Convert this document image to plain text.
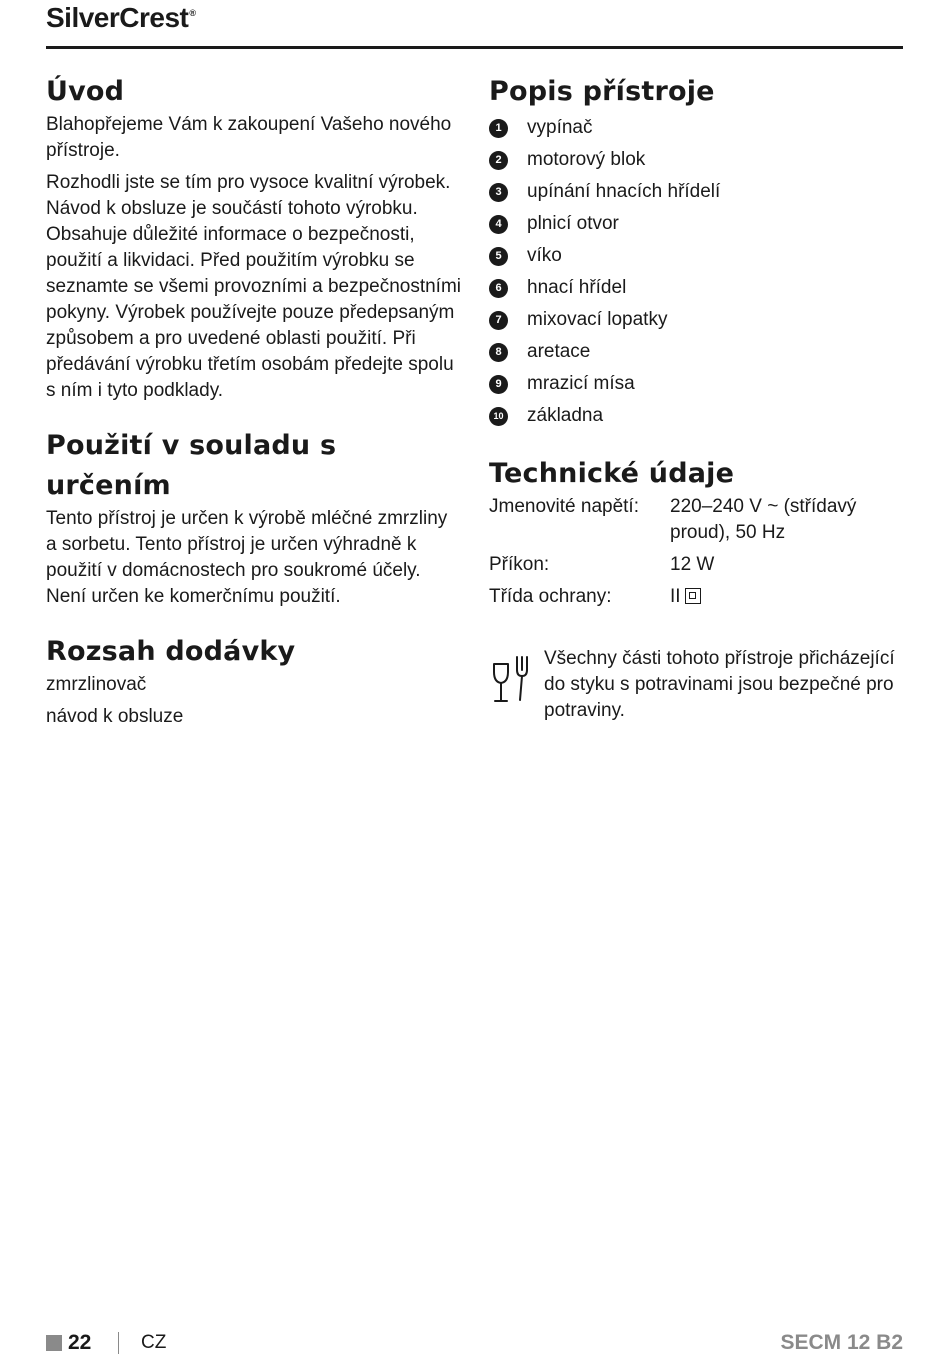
SilverCrest®
Úvod

Blahopřejeme Vám k zakoupení Vašeho nového přístroje.

Rozhodli jste se tím pro vysoce kvalitní výrobek. Návod k obsluze je součástí tohoto výrobku. Obsahuje důležité informace o bezpečnosti, použití a likvidaci. Před použitím výrobku se seznamte se všemi provozními a bezpečnostními pokyny. Výrobek používejte pouze předepsaným způsobem a pro uvedené oblasti použití. Při předávání výrobku třetím osobám předejte spolu s ním i tyto podklady.

Použití v souladu s určením

Tento přístroj je určen k výrobě mléčné zmrzliny a sorbetu. Tento přístroj je určen výhradně k použití v domácnostech pro soukromé účely. Není určen ke komerčnímu použití.

Rozsah dodávky

zmrzlinovač

návod k obsluze

Popis přístroje
1	vypínač
2	motorový blok
3	upínání hnacích hřídelí
4	plnicí otvor
5	víko
6	hnací hřídel
7	mixovací lopatky
8	aretace
9	mrazicí mísa
10 základna
Technické údaje
Jmenovité napětí:	220–240 V ~ (střídavý proud), 50 Hz
Příkon:	12 W
Třída ochrany:	II

Všechny části tohoto přístroje přicházející do styku s potravinami jsou bezpečné pro potraviny.

22	CZ	SECM 12 B2
